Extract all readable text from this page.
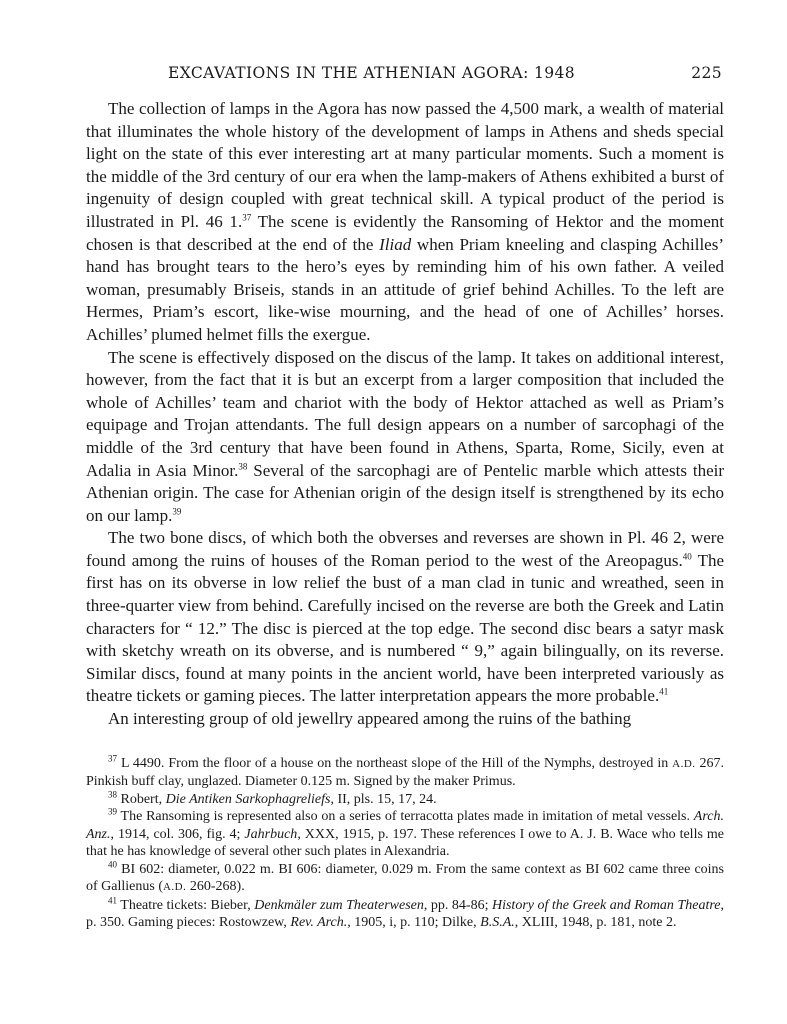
EXCAVATIONS IN THE ATHENIAN AGORA: 1948	225

The collection of lamps in the Agora has now passed the 4,500 mark, a wealth of material that illuminates the whole history of the development of lamps in Athens and sheds special light on the state of this ever interesting art at many particular moments. Such a moment is the middle of the 3rd century of our era when the lamp-makers of Athens exhibited a burst of ingenuity of design coupled with great technical skill. A typical product of the period is illustrated in Pl. 46 1.37 The scene is evidently the Ransoming of Hektor and the moment chosen is that described at the end of the Iliad when Priam kneeling and clasping Achilles’ hand has brought tears to the hero’s eyes by reminding him of his own father. A veiled woman, presumably Briseis, stands in an attitude of grief behind Achilles. To the left are Hermes, Priam’s escort, like-wise mourning, and the head of one of Achilles’ horses. Achilles’ plumed helmet fills the exergue.

The scene is effectively disposed on the discus of the lamp. It takes on additional interest, however, from the fact that it is but an excerpt from a larger composition that included the whole of Achilles’ team and chariot with the body of Hektor attached as well as Priam’s equipage and Trojan attendants. The full design appears on a number of sarcophagi of the middle of the 3rd century that have been found in Athens, Sparta, Rome, Sicily, even at Adalia in Asia Minor.$^{38}$ Several of the sarcophagi are of Pentelic marble which attests their Athenian origin. The case for Athenian origin of the design itself is strengthened by its echo on our lamp.$^{39}$

The two bone discs, of which both the obverses and reverses are shown in Pl. 46 2, were found among the ruins of houses of the Roman period to the west of the Areopagus.$^{40}$ The first has on its obverse in low relief the bust of a man clad in tunic and wreathed, seen in three-quarter view from behind. Carefully incised on the reverse are both the Greek and Latin characters for “ 12.” The disc is pierced at the top edge. The second disc bears a satyr mask with sketchy wreath on its obverse, and is numbered “ 9,” again bilingually, on its reverse. Similar discs, found at many points in the ancient world, have been interpreted variously as theatre tickets or gaming pieces. The latter interpretation appears the more probable.$^{41}$

An interesting group of old jewellry appeared among the ruins of the bathing

$^{37}$ L 4490. From the floor of a house on the northeast slope of the Hill of the Nymphs, destroyed in A.D. 267. Pinkish buff clay, unglazed. Diameter 0.125 m. Signed by the maker Primus.

$^{38}$ Robert, Die Antiken Sarkophagreliefs, II, pls. 15, 17, 24.

$^{39}$ The Ransoming is represented also on a series of terracotta plates made in imitation of metal vessels. Arch. Anz., 1914, col. 306, fig. 4; Jahrbuch, XXX, 1915, p. 197. These references I owe to A. J. B. Wace who tells me that he has knowledge of several other such plates in Alexandria.

$^{40}$ BI 602: diameter, 0.022 m. BI 606: diameter, 0.029 m. From the same context as BI 602 came three coins of Gallienus (A.D. 260-268).

$^{41}$ Theatre tickets: Bieber, Denkmäler zum Theaterwesen, pp. 84-86; History of the Greek and Roman Theatre, p. 350. Gaming pieces: Rostowzew, Rev. Arch., 1905, i, p. 110; Dilke, B.S.A., XLIII, 1948, p. 181, note 2.
